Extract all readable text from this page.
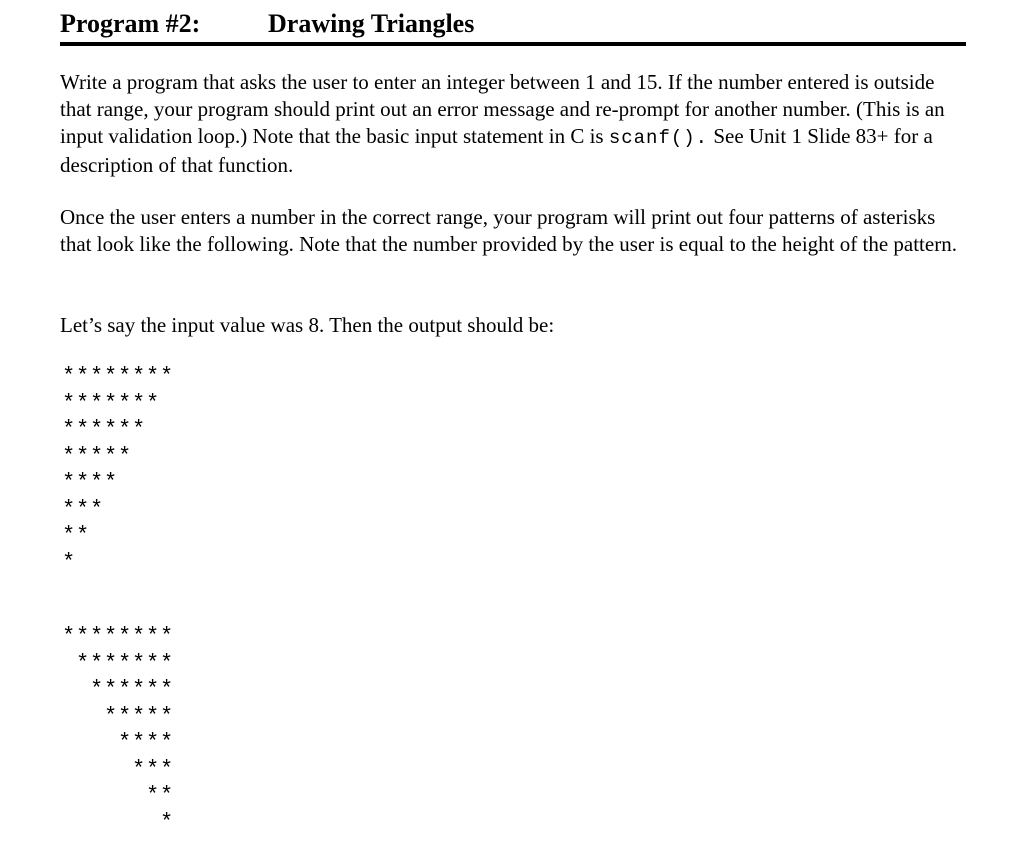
Program #2:	Drawing Triangles

Write a program that asks the user to enter an integer between 1 and 15. If the number entered is outside that range, your program should print out an error message and re-prompt for another number. (This is an input validation loop.) Note that the basic input statement in C is scanf(). See Unit 1 Slide 83+ for a description of that function.

Once the user enters a number in the correct range, your program will print out four patterns of asterisks that look like the following. Note that the number provided by the user is equal to the height of the pattern.

Let’s say the input value was 8. Then the output should be:

********
*******
******
*****
****
***
**
*
********
*******
******
*****
****
***
**
*
